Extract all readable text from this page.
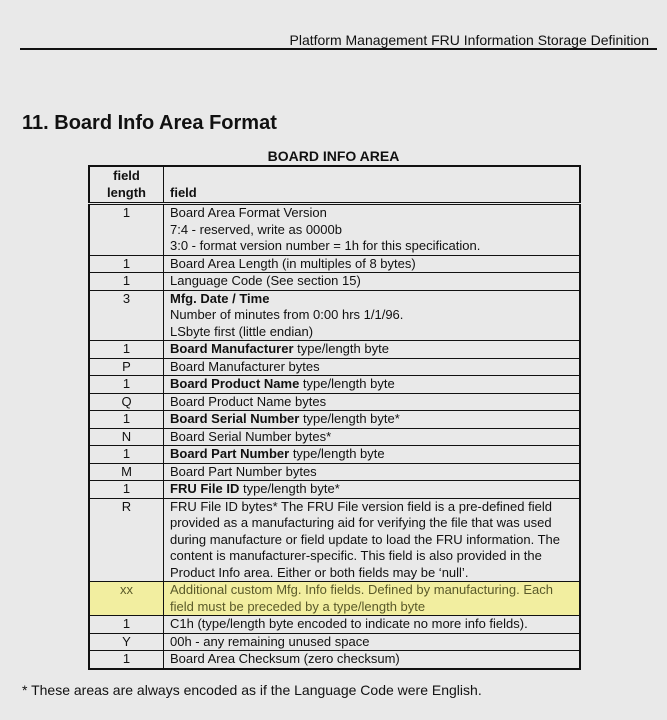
Platform Management FRU Information Storage Definition
11. Board Info Area Format
BOARD INFO AREA
field
length	field
1	Board Area Format Version
7:4 - reserved, write as 0000b
3:0 - format version number = 1h for this specification.

1	Board Area Length (in multiples of 8 bytes)

1	Language Code (See section 15)

3	Mfg. Date / Time
Number of minutes from 0:00 hrs 1/1/96.
LSbyte first (little endian)

1	Board Manufacturer type/length byte

P	Board Manufacturer bytes

1	Board Product Name type/length byte

Q	Board Product Name bytes

1	Board Serial Number type/length byte*

N	Board Serial Number bytes*

1	Board Part Number type/length byte

M	Board Part Number bytes

1	FRU File ID type/length byte*

R	FRU File ID bytes* The FRU File version field is a pre-defined field provided as a manufacturing aid for verifying the file that was used during manufacture or field update to load the FRU information. The content is manufacturer-specific. This field is also provided in the Product Info area. Either or both fields may be ‘null’.

xx	Additional custom Mfg. Info fields. Defined by manufacturing. Each field must be preceded by a type/length byte

1	C1h (type/length byte encoded to indicate no more info fields).

Y	00h - any remaining unused space

1	Board Area Checksum (zero checksum)
* These areas are always encoded as if the Language Code were English.
